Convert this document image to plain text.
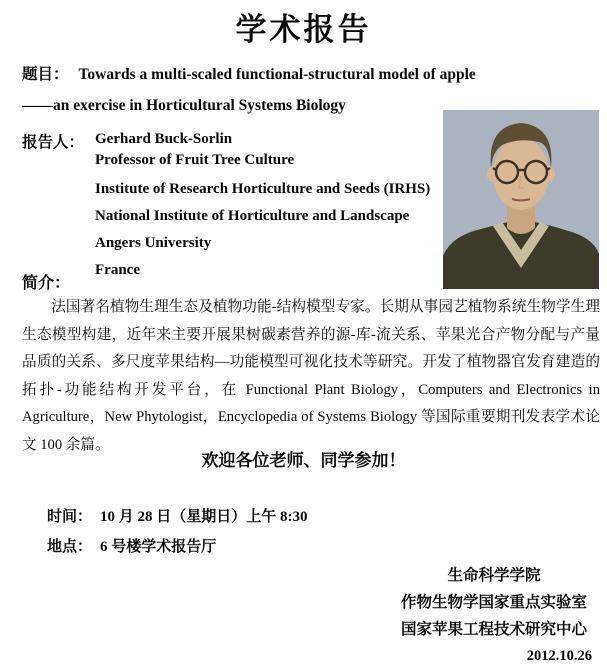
学术报告
题目： Towards a multi-scaled functional-structural model of apple
——an exercise in Horticultural Systems Biology
报告人： Gerhard Buck-Sorlin
Professor of Fruit Tree Culture
Institute of Research Horticulture and Seeds (IRHS)
National Institute of Horticulture and Landscape
Angers University
France
简介：
法国著名植物生理生态及植物功能-结构模型专家。长期从事园艺植物系统生物学生理生态模型构建，近年来主要开展果树碳素营养的源-库-流关系、苹果光合产物分配与产量品质的关系、多尺度苹果结构—功能模型可视化技术等研究。开发了植物器官发育建造的拓扑-功能结构开发平台，在 Functional Plant Biology，Computers and Electronics in Agriculture，New Phytologist，Encyclopedia of Systems Biology 等国际重要期刊发表学术论文 100 余篇。
欢迎各位老师、同学参加！
时间： 10 月 28 日（星期日）上午 8:30
地点： 6 号楼学术报告厅
生命科学学院
作物生物学国家重点实验室
国家苹果工程技术研究中心
2012.10.26
